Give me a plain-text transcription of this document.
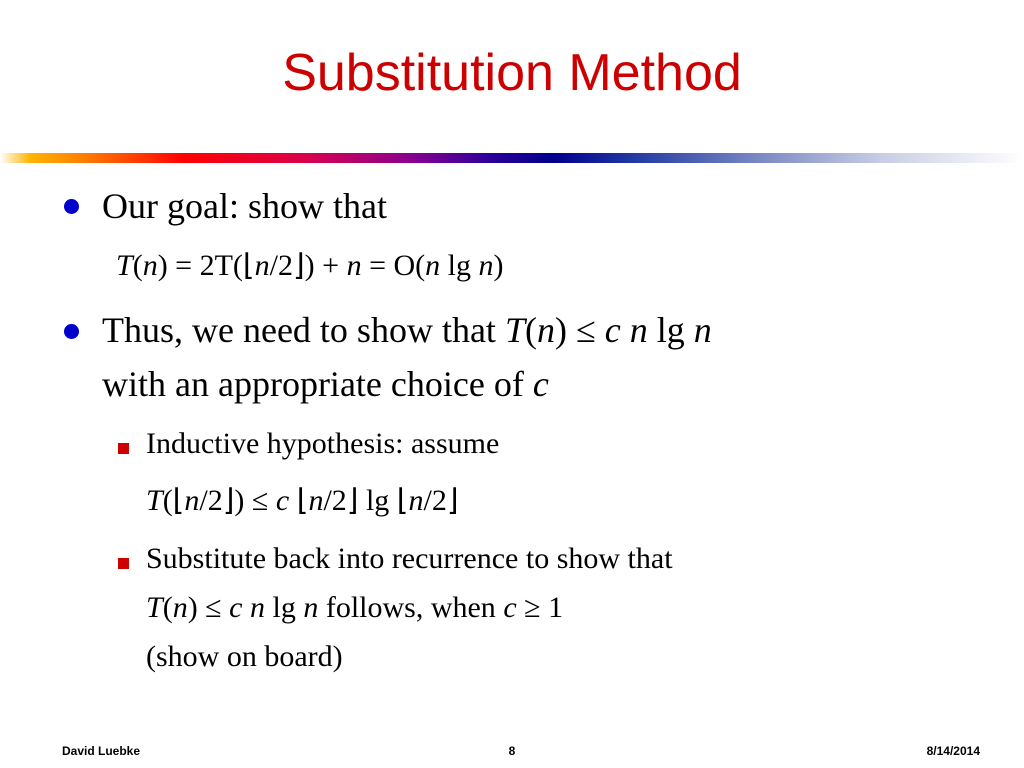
Substitution Method
Our goal: show that
T(n) = 2T(⌊n/2⌋) + n = O(n lg n)
Thus, we need to show that T(n) ≤ c n lg n
with an appropriate choice of c
Inductive hypothesis: assume
T(⌊n/2⌋) ≤ c ⌊n/2⌋ lg ⌊n/2⌋
Substitute back into recurrence to show that
T(n) ≤ c n lg n follows, when c ≥ 1
(show on board)
David Luebke	8	8/14/2014
